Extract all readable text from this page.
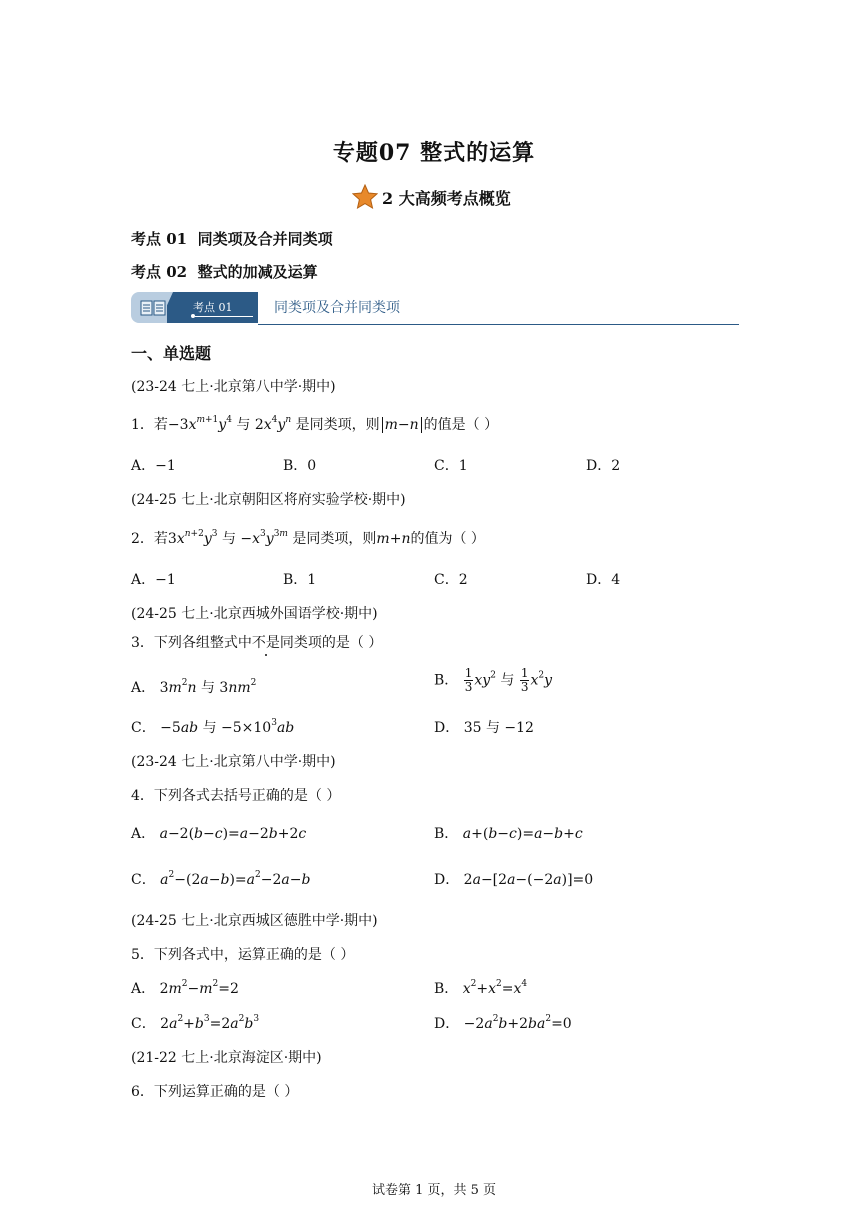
专题07 整式的运算
2 大高频考点概览
考点 01 同类项及合并同类项
考点 02 整式的加减及运算
考点 01	同类项及合并同类项
一、单选题
(23-24 七上·北京第八中学·期中)
1．若$-3x^{m+1}y^4$ 与 $2x^4y^n$ 是同类项，则 m−n 的值是（ ）
A．−1	B．0	C．1	D．2
(24-25 七上·北京朝阳区将府实验学校·期中)
2．若$3x^{n+2}y^3$ 与 $-x^3y^{3m}$ 是同类项，则m+n的值为（ ）
A．−1	B．1	C．2	D．4
(24-25 七上·北京西城外国语学校·期中)
3．下列各组整式中不是同类项的是（ ）
A． $3m^2n$ 与 $3nm^2$	B． $\frac{1}{3} xy^2$ 与 $\frac{1}{3} x^2y$
C． −5ab 与 $-5\times 10^3ab$	D． 35 与 −12
(23-24 七上·北京第八中学·期中)
4．下列各式去括号正确的是（ ）
A． a−2(b−c)=a−2b+2c	B． a+(b−c)=a−b+c
C． $a^2-(2a-b)=a^2-2a-b$	D． 2a−[2a−(−2a)]=0
(24-25 七上·北京西城区德胜中学·期中)
5．下列各式中，运算正确的是（ ）
A． $2m^2-m^2=2$	B． $x^2+x^2=x^4$
C． $2a^2+b^3=2a^2b^3$	D． $-2a^2b+2ba^2=0$
(21-22 七上·北京海淀区·期中)
6．下列运算正确的是（ ）
试卷第 1 页，共 5 页
